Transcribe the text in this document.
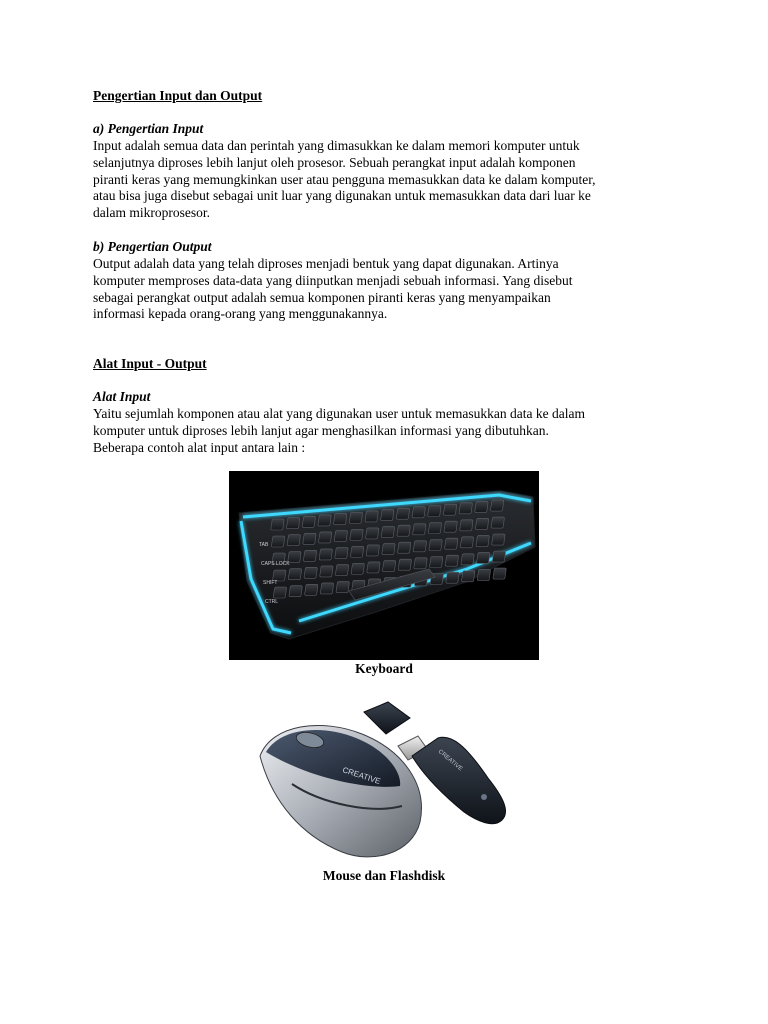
Pengertian Input dan Output
a) Pengertian Input

Input adalah semua data dan perintah yang dimasukkan ke dalam memori komputer untuk

selanjutnya diproses lebih lanjut oleh prosesor. Sebuah perangkat input adalah komponen

piranti keras yang memungkinkan user atau pengguna memasukkan data ke dalam komputer,

atau bisa juga disebut sebagai unit luar yang digunakan untuk memasukkan data dari luar ke

dalam mikroprosesor.

b) Pengertian Output

Output adalah data yang telah diproses menjadi bentuk yang dapat digunakan. Artinya

komputer memproses data-data yang diinputkan menjadi sebuah informasi. Yang disebut

sebagai perangkat output adalah semua komponen piranti keras yang menyampaikan

informasi kepada orang-orang yang menggunakannya.

Alat Input - Output
Alat Input

Yaitu sejumlah komponen atau alat yang digunakan user untuk memasukkan data ke dalam

komputer untuk diproses lebih lanjut agar menghasilkan informasi yang dibutuhkan.

Beberapa contoh alat input antara lain :

TAB
CAPS LOCK
SHIFT
CTRL
Keyboard
CREATIVE
CREATIVE
Mouse dan Flashdisk
